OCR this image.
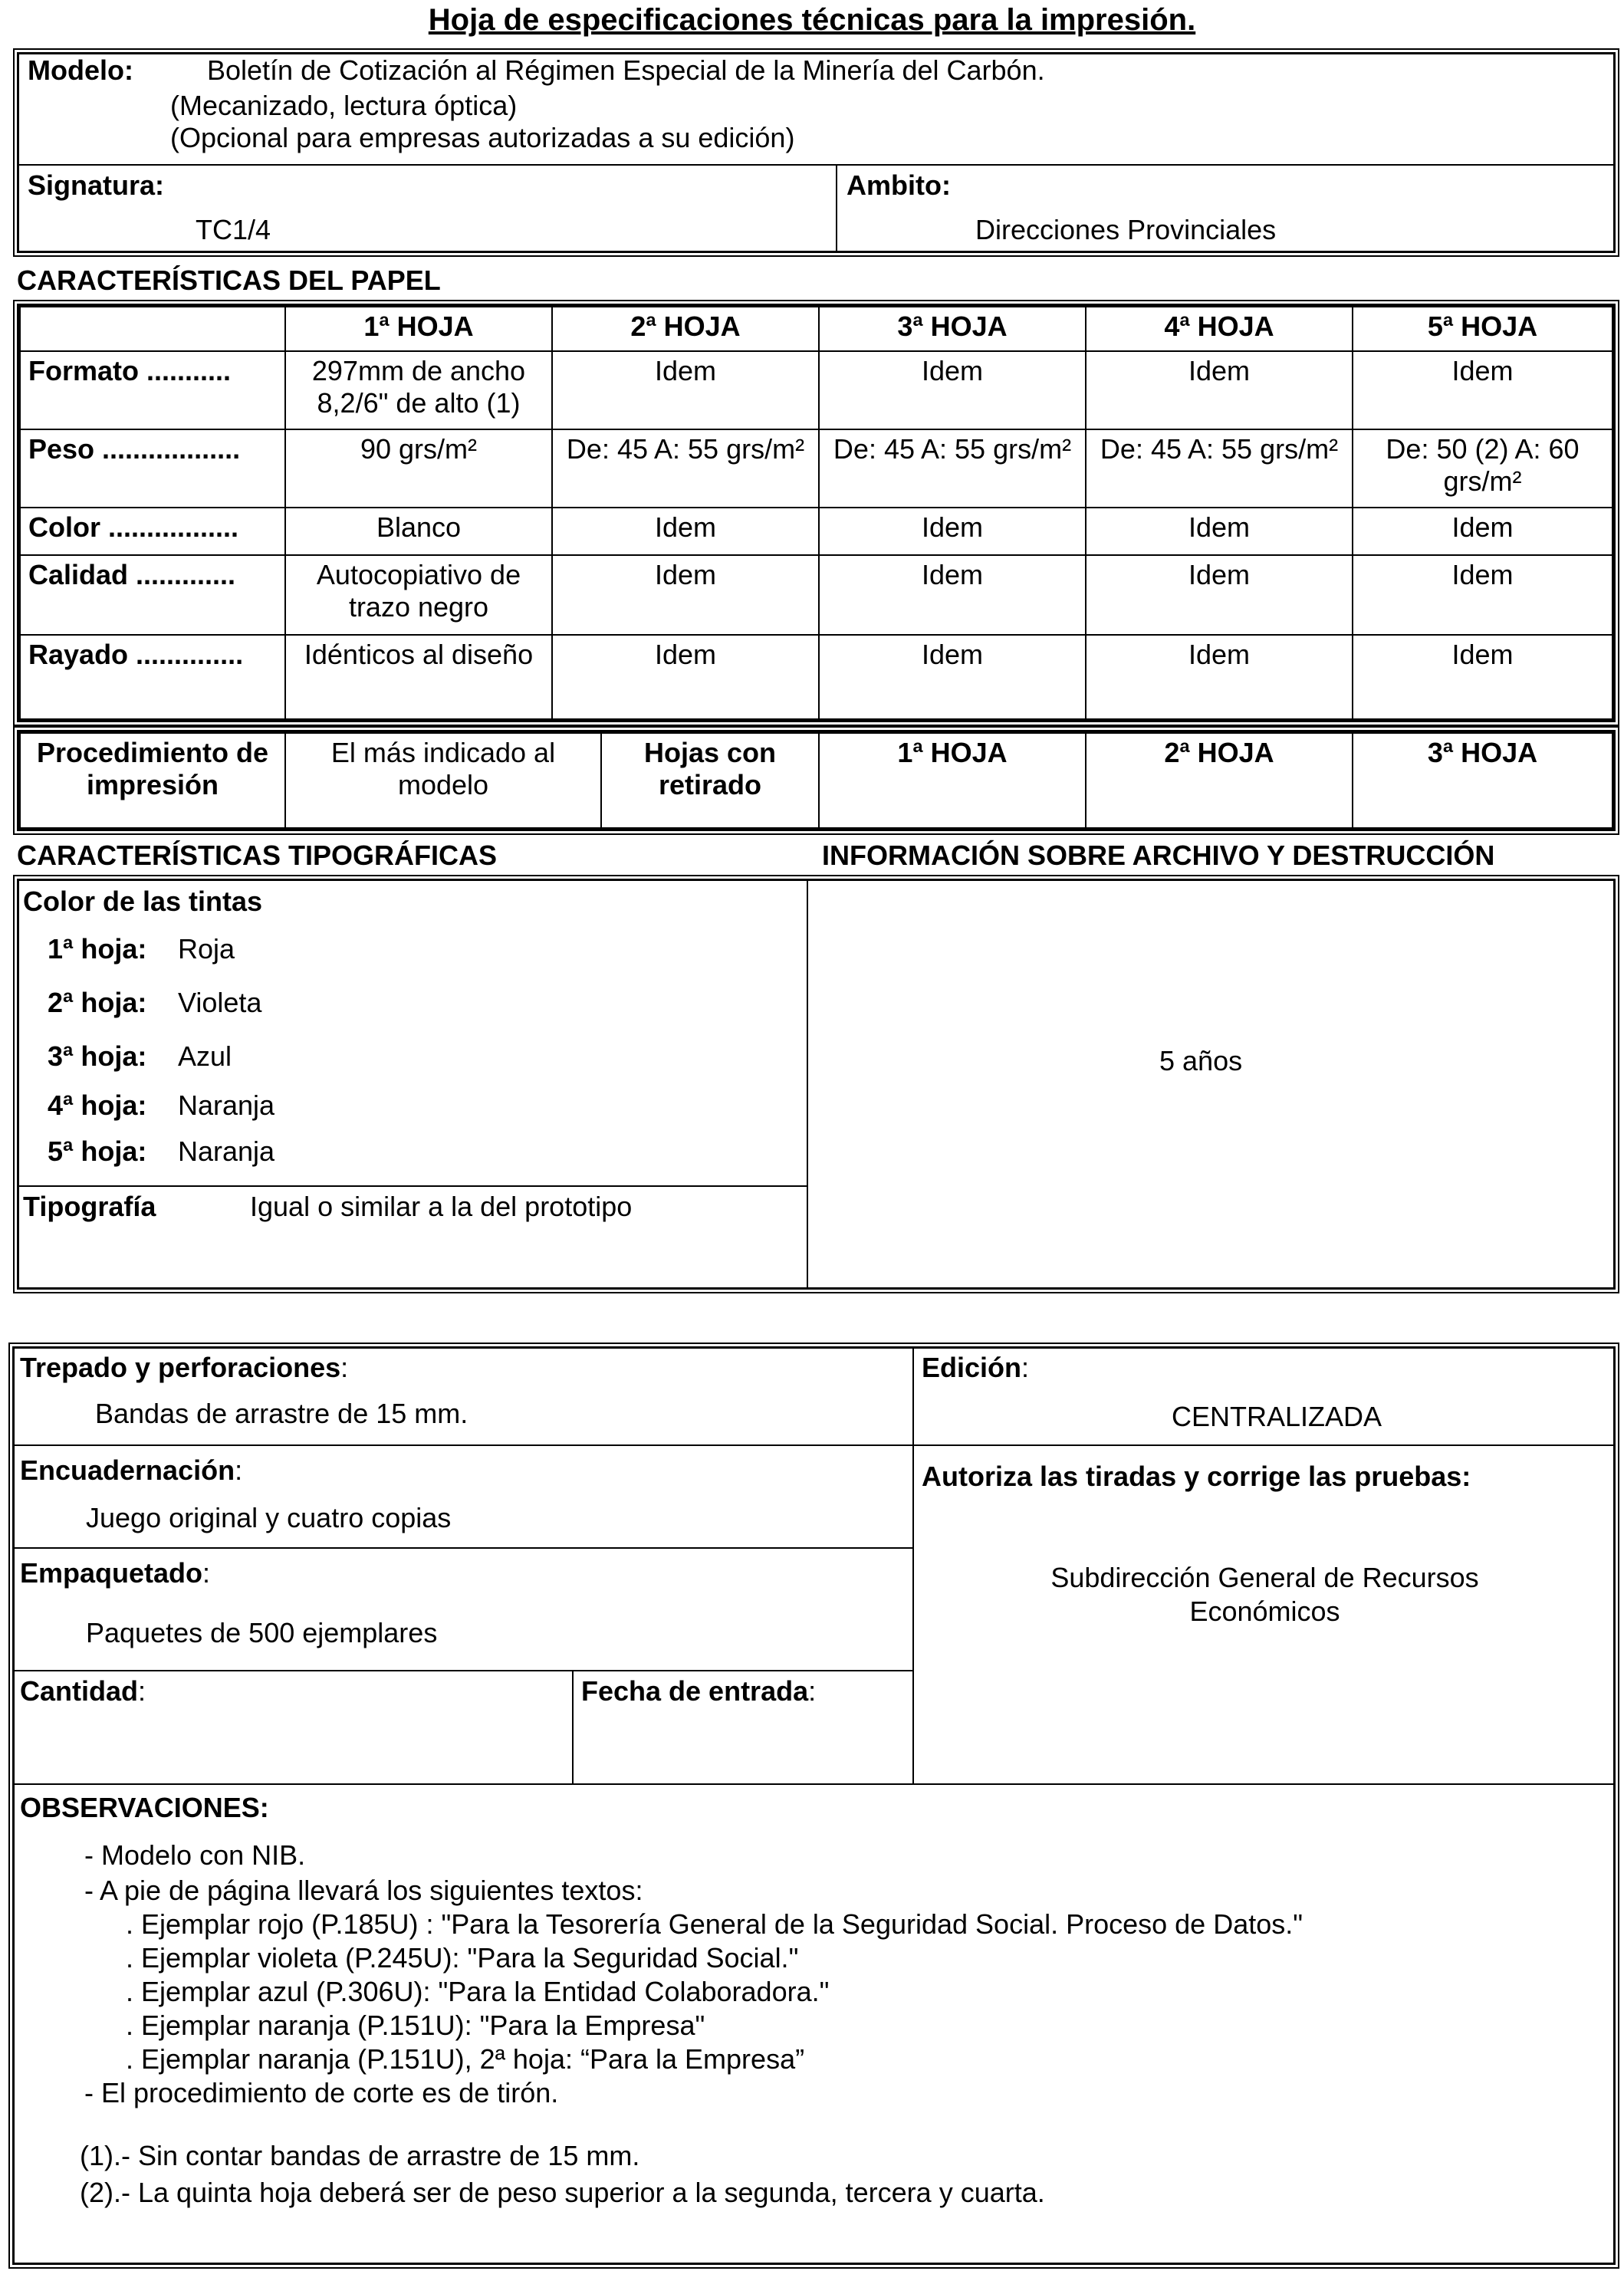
Hoja de especificaciones técnicas para la impresión.
Modelo:	Boletín de Cotización al Régimen Especial de la Minería del Carbón.
(Mecanizado, lectura óptica)
(Opcional para empresas autorizadas a su edición)
Signatura:
TC1/4
Ambito:
Direcciones Provinciales
CARACTERÍSTICAS DEL PAPEL
	1ª HOJA	2ª HOJA	3ª HOJA	4ª HOJA	5ª HOJA
Formato ...........	297mm de ancho 8,2/6" de alto (1)	Idem	Idem	Idem	Idem
Peso ..................	90 grs/m²	De: 45 A: 55 grs/m²	De: 45 A: 55 grs/m²	De: 45 A: 55 grs/m²	De: 50 (2) A: 60 grs/m²
Color .................	Blanco	Idem	Idem	Idem	Idem
Calidad .............	Autocopiativo de trazo negro	Idem	Idem	Idem	Idem
Rayado ..............	Idénticos al diseño	Idem	Idem	Idem	Idem
Procedimiento de impresión	El más indicado al modelo	Hojas con retirado	1ª HOJA	2ª HOJA	3ª HOJA
CARACTERÍSTICAS TIPOGRÁFICAS	INFORMACIÓN SOBRE ARCHIVO Y DESTRUCCIÓN
Color de las tintas
1ª hoja: Roja
2ª hoja: Violeta
3ª hoja: Azul
4ª hoja: Naranja
5ª hoja: Naranja
Tipografía	Igual o similar a la del prototipo
5 años
Trepado y perforaciones:
Bandas de arrastre de 15 mm.
Edición:
CENTRALIZADA
Encuadernación:
Juego original y cuatro copias
Autoriza las tiradas y corrige las pruebas:
Subdirección General de Recursos
Económicos
Empaquetado:
Paquetes de 500 ejemplares
Cantidad:	Fecha de entrada:
OBSERVACIONES:
- Modelo con NIB.
- A pie de página llevará los siguientes textos:
. Ejemplar rojo (P.185U) : "Para la Tesorería General de la Seguridad Social. Proceso de Datos."
. Ejemplar violeta (P.245U): "Para la Seguridad Social."
. Ejemplar azul (P.306U): "Para la Entidad Colaboradora."
. Ejemplar naranja (P.151U): "Para la Empresa"
. Ejemplar naranja (P.151U), 2ª hoja: “Para la Empresa”
- El procedimiento de corte es de tirón.
(1).- Sin contar bandas de arrastre de 15 mm.
(2).- La quinta hoja deberá ser de peso superior a la segunda, tercera y cuarta.
